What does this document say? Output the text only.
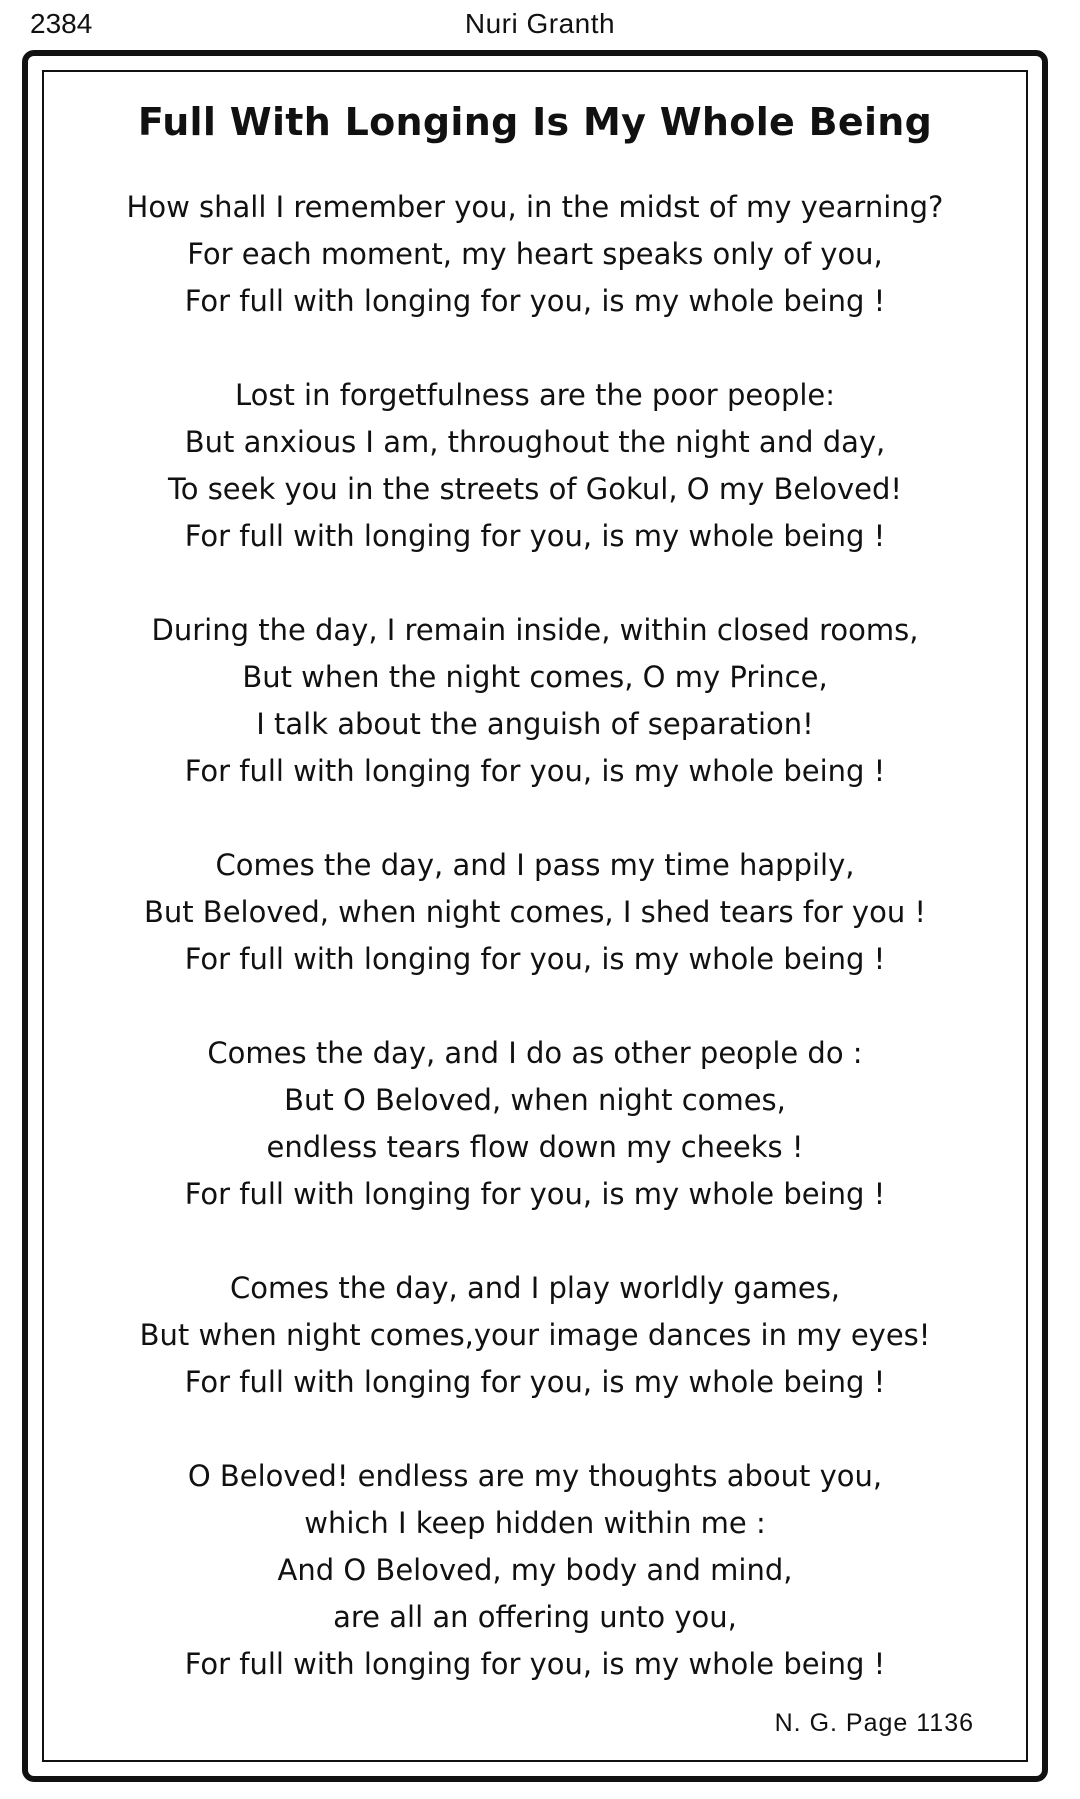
2384	Nuri Granth
Full With Longing Is My Whole Being
How shall I remember you, in the midst of my yearning?
For each moment, my heart speaks only of you,
For full with longing for you, is my whole being !
Lost in forgetfulness are the poor people:
But anxious I am, throughout the night and day,
To seek you in the streets of Gokul, O my Beloved!
For full with longing for you, is my whole being !
During the day, I remain inside, within closed rooms,
But when the night comes, O my Prince,
I talk about the anguish of separation!
For full with longing for you, is my whole being !
Comes the day, and I pass my time happily,
But Beloved, when night comes, I shed tears for you !
For full with longing for you, is my whole being !
Comes the day, and I do as other people do :
But O Beloved, when night comes,
endless tears flow down my cheeks !
For full with longing for you, is my whole being !
Comes the day, and I play worldly games,
But when night comes,your image dances in my eyes!
For full with longing for you, is my whole being !
O Beloved! endless are my thoughts about you,
which I keep hidden within me :
And O Beloved, my body and mind,
are all an offering unto you,
For full with longing for you, is my whole being !
N. G. Page 1136
